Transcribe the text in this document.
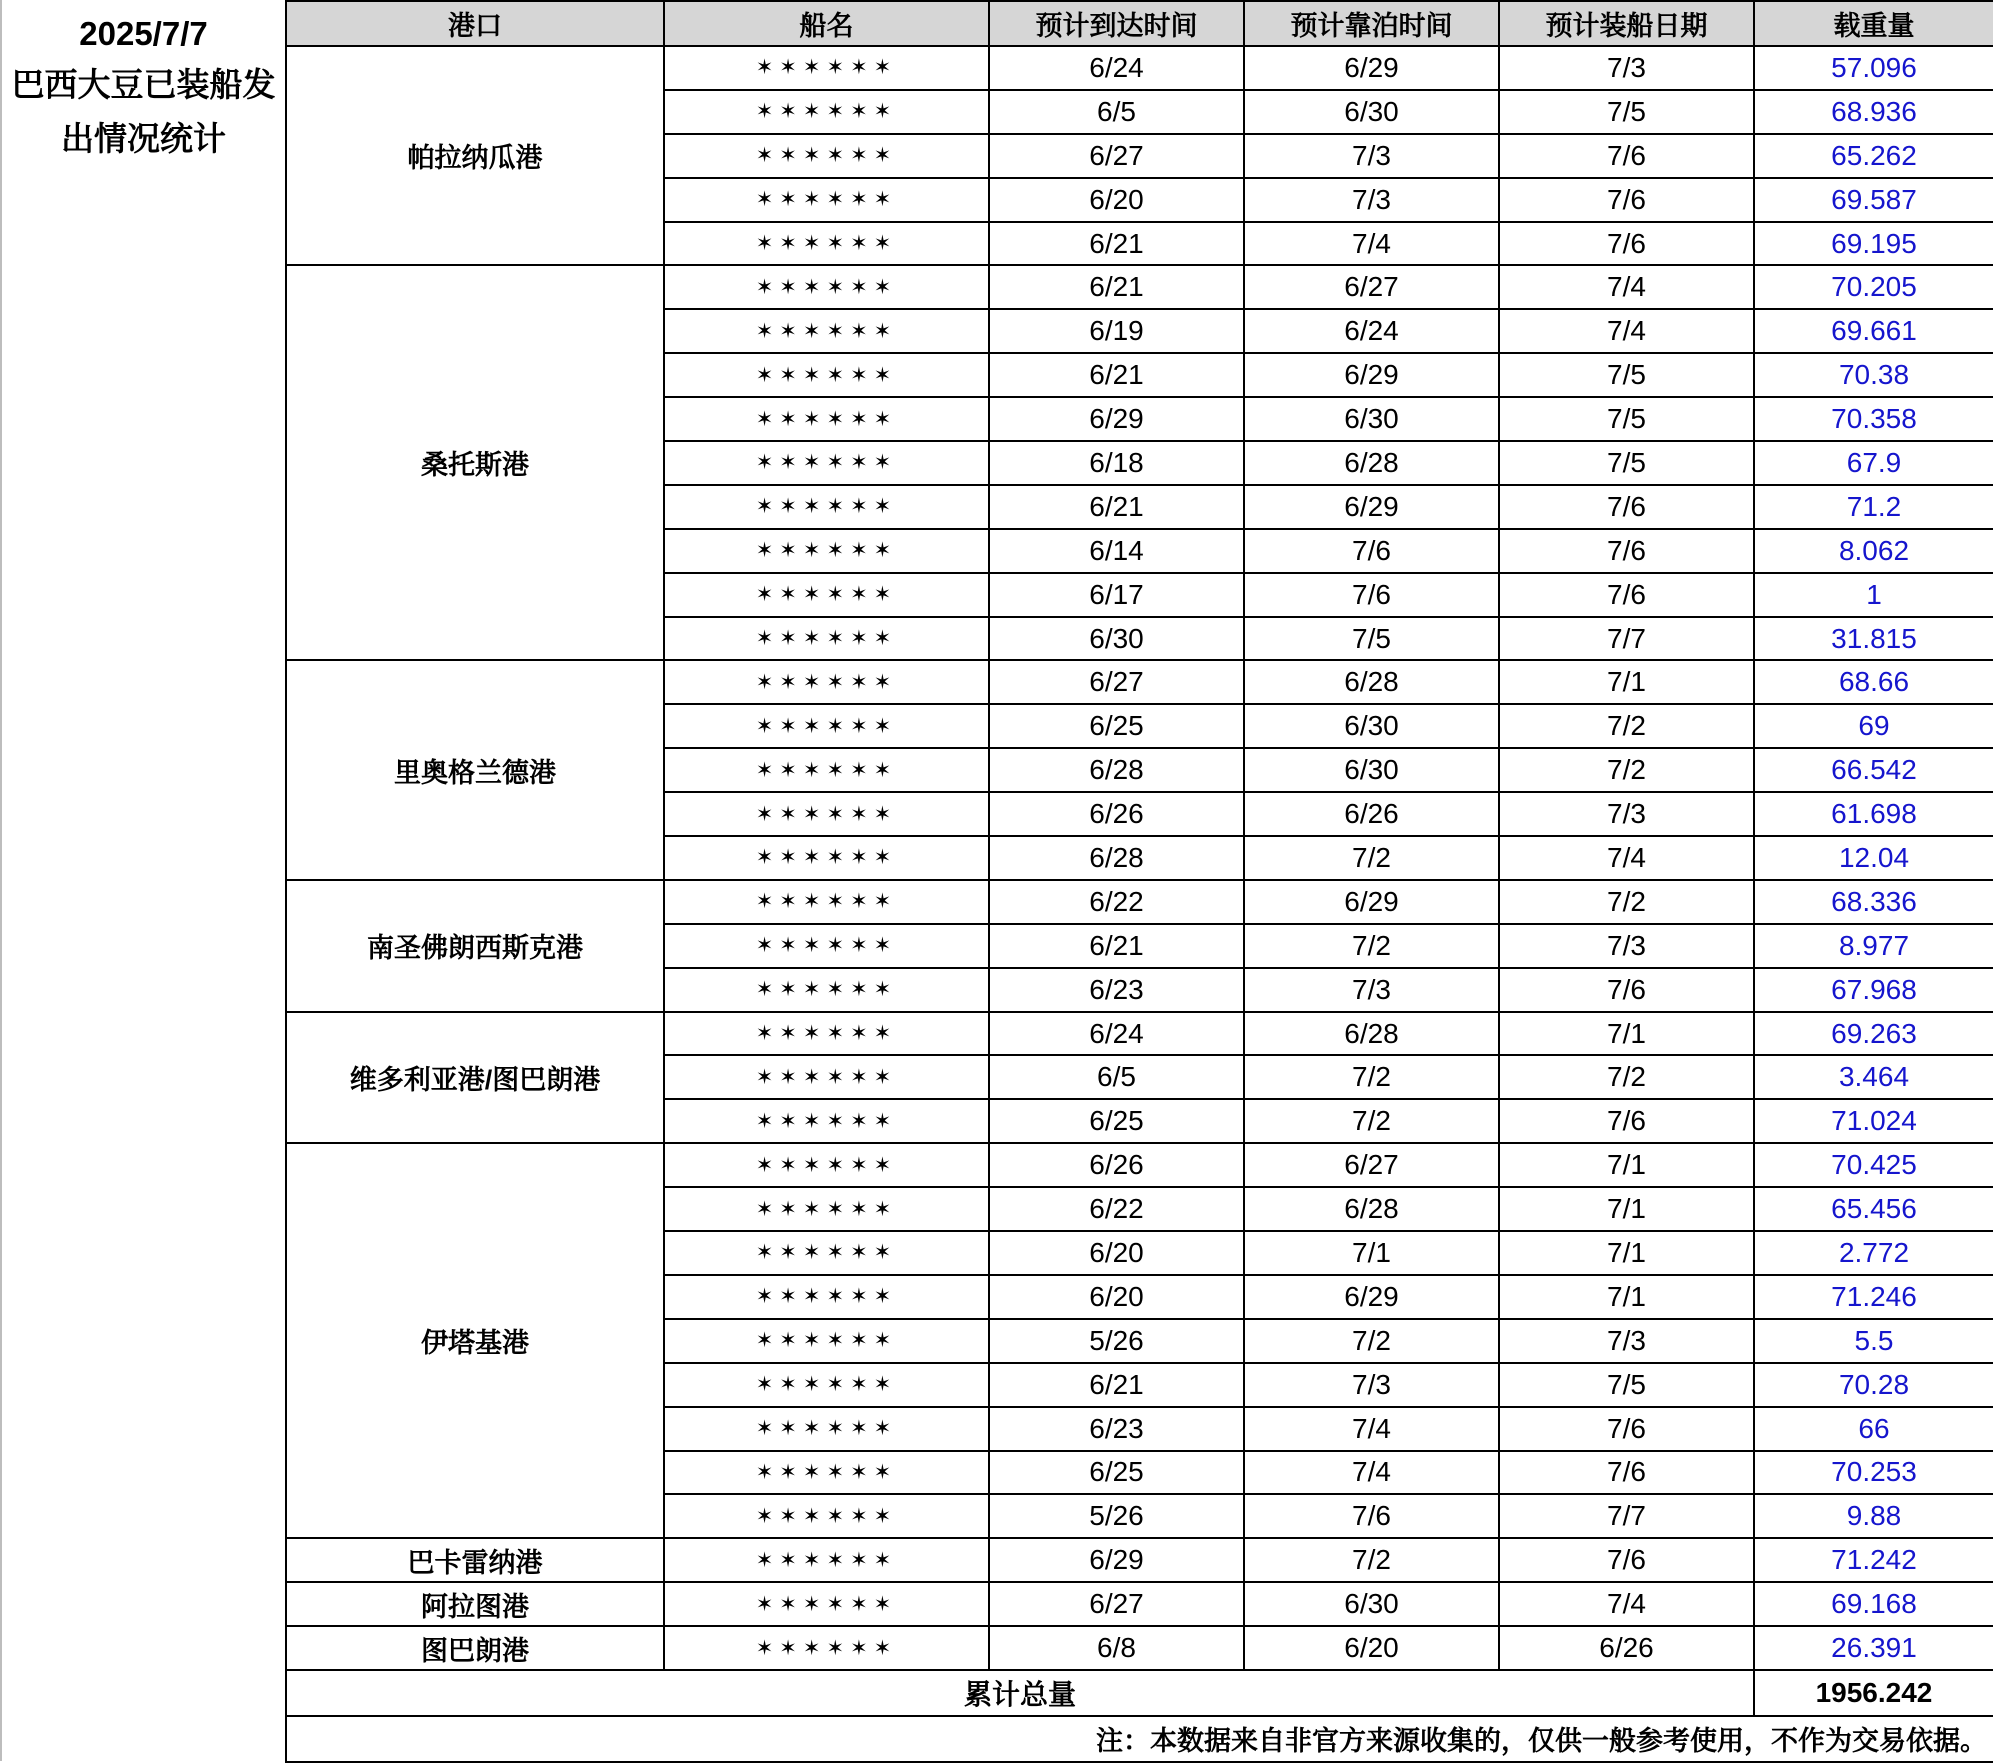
2025/7/7
巴西大豆已装船发出情况统计
港口	船名	预计到达时间	预计靠泊时间	预计装船日期	载重量
帕拉纳瓜港	✶✶✶✶✶✶	6/24	6/29	7/3	57.096
	✶✶✶✶✶✶	6/5	6/30	7/5	68.936
	✶✶✶✶✶✶	6/27	7/3	7/6	65.262
	✶✶✶✶✶✶	6/20	7/3	7/6	69.587
	✶✶✶✶✶✶	6/21	7/4	7/6	69.195
桑托斯港	✶✶✶✶✶✶	6/21	6/27	7/4	70.205
	✶✶✶✶✶✶	6/19	6/24	7/4	69.661
	✶✶✶✶✶✶	6/21	6/29	7/5	70.38
	✶✶✶✶✶✶	6/29	6/30	7/5	70.358
	✶✶✶✶✶✶	6/18	6/28	7/5	67.9
	✶✶✶✶✶✶	6/21	6/29	7/6	71.2
	✶✶✶✶✶✶	6/14	7/6	7/6	8.062
	✶✶✶✶✶✶	6/17	7/6	7/6	1
	✶✶✶✶✶✶	6/30	7/5	7/7	31.815
里奥格兰德港	✶✶✶✶✶✶	6/27	6/28	7/1	68.66
	✶✶✶✶✶✶	6/25	6/30	7/2	69
	✶✶✶✶✶✶	6/28	6/30	7/2	66.542
	✶✶✶✶✶✶	6/26	6/26	7/3	61.698
	✶✶✶✶✶✶	6/28	7/2	7/4	12.04
南圣佛朗西斯克港	✶✶✶✶✶✶	6/22	6/29	7/2	68.336
	✶✶✶✶✶✶	6/21	7/2	7/3	8.977
	✶✶✶✶✶✶	6/23	7/3	7/6	67.968
维多利亚港/图巴朗港	✶✶✶✶✶✶	6/24	6/28	7/1	69.263
	✶✶✶✶✶✶	6/5	7/2	7/2	3.464
	✶✶✶✶✶✶	6/25	7/2	7/6	71.024
伊塔基港	✶✶✶✶✶✶	6/26	6/27	7/1	70.425
	✶✶✶✶✶✶	6/22	6/28	7/1	65.456
	✶✶✶✶✶✶	6/20	7/1	7/1	2.772
	✶✶✶✶✶✶	6/20	6/29	7/1	71.246
	✶✶✶✶✶✶	5/26	7/2	7/3	5.5
	✶✶✶✶✶✶	6/21	7/3	7/5	70.28
	✶✶✶✶✶✶	6/23	7/4	7/6	66
	✶✶✶✶✶✶	6/25	7/4	7/6	70.253
	✶✶✶✶✶✶	5/26	7/6	7/7	9.88
巴卡雷纳港	✶✶✶✶✶✶	6/29	7/2	7/6	71.242
阿拉图港	✶✶✶✶✶✶	6/27	6/30	7/4	69.168
图巴朗港	✶✶✶✶✶✶	6/8	6/20	6/26	26.391
累计总量					1956.242
注：本数据来自非官方来源收集的，仅供一般参考使用，不作为交易依据。					
